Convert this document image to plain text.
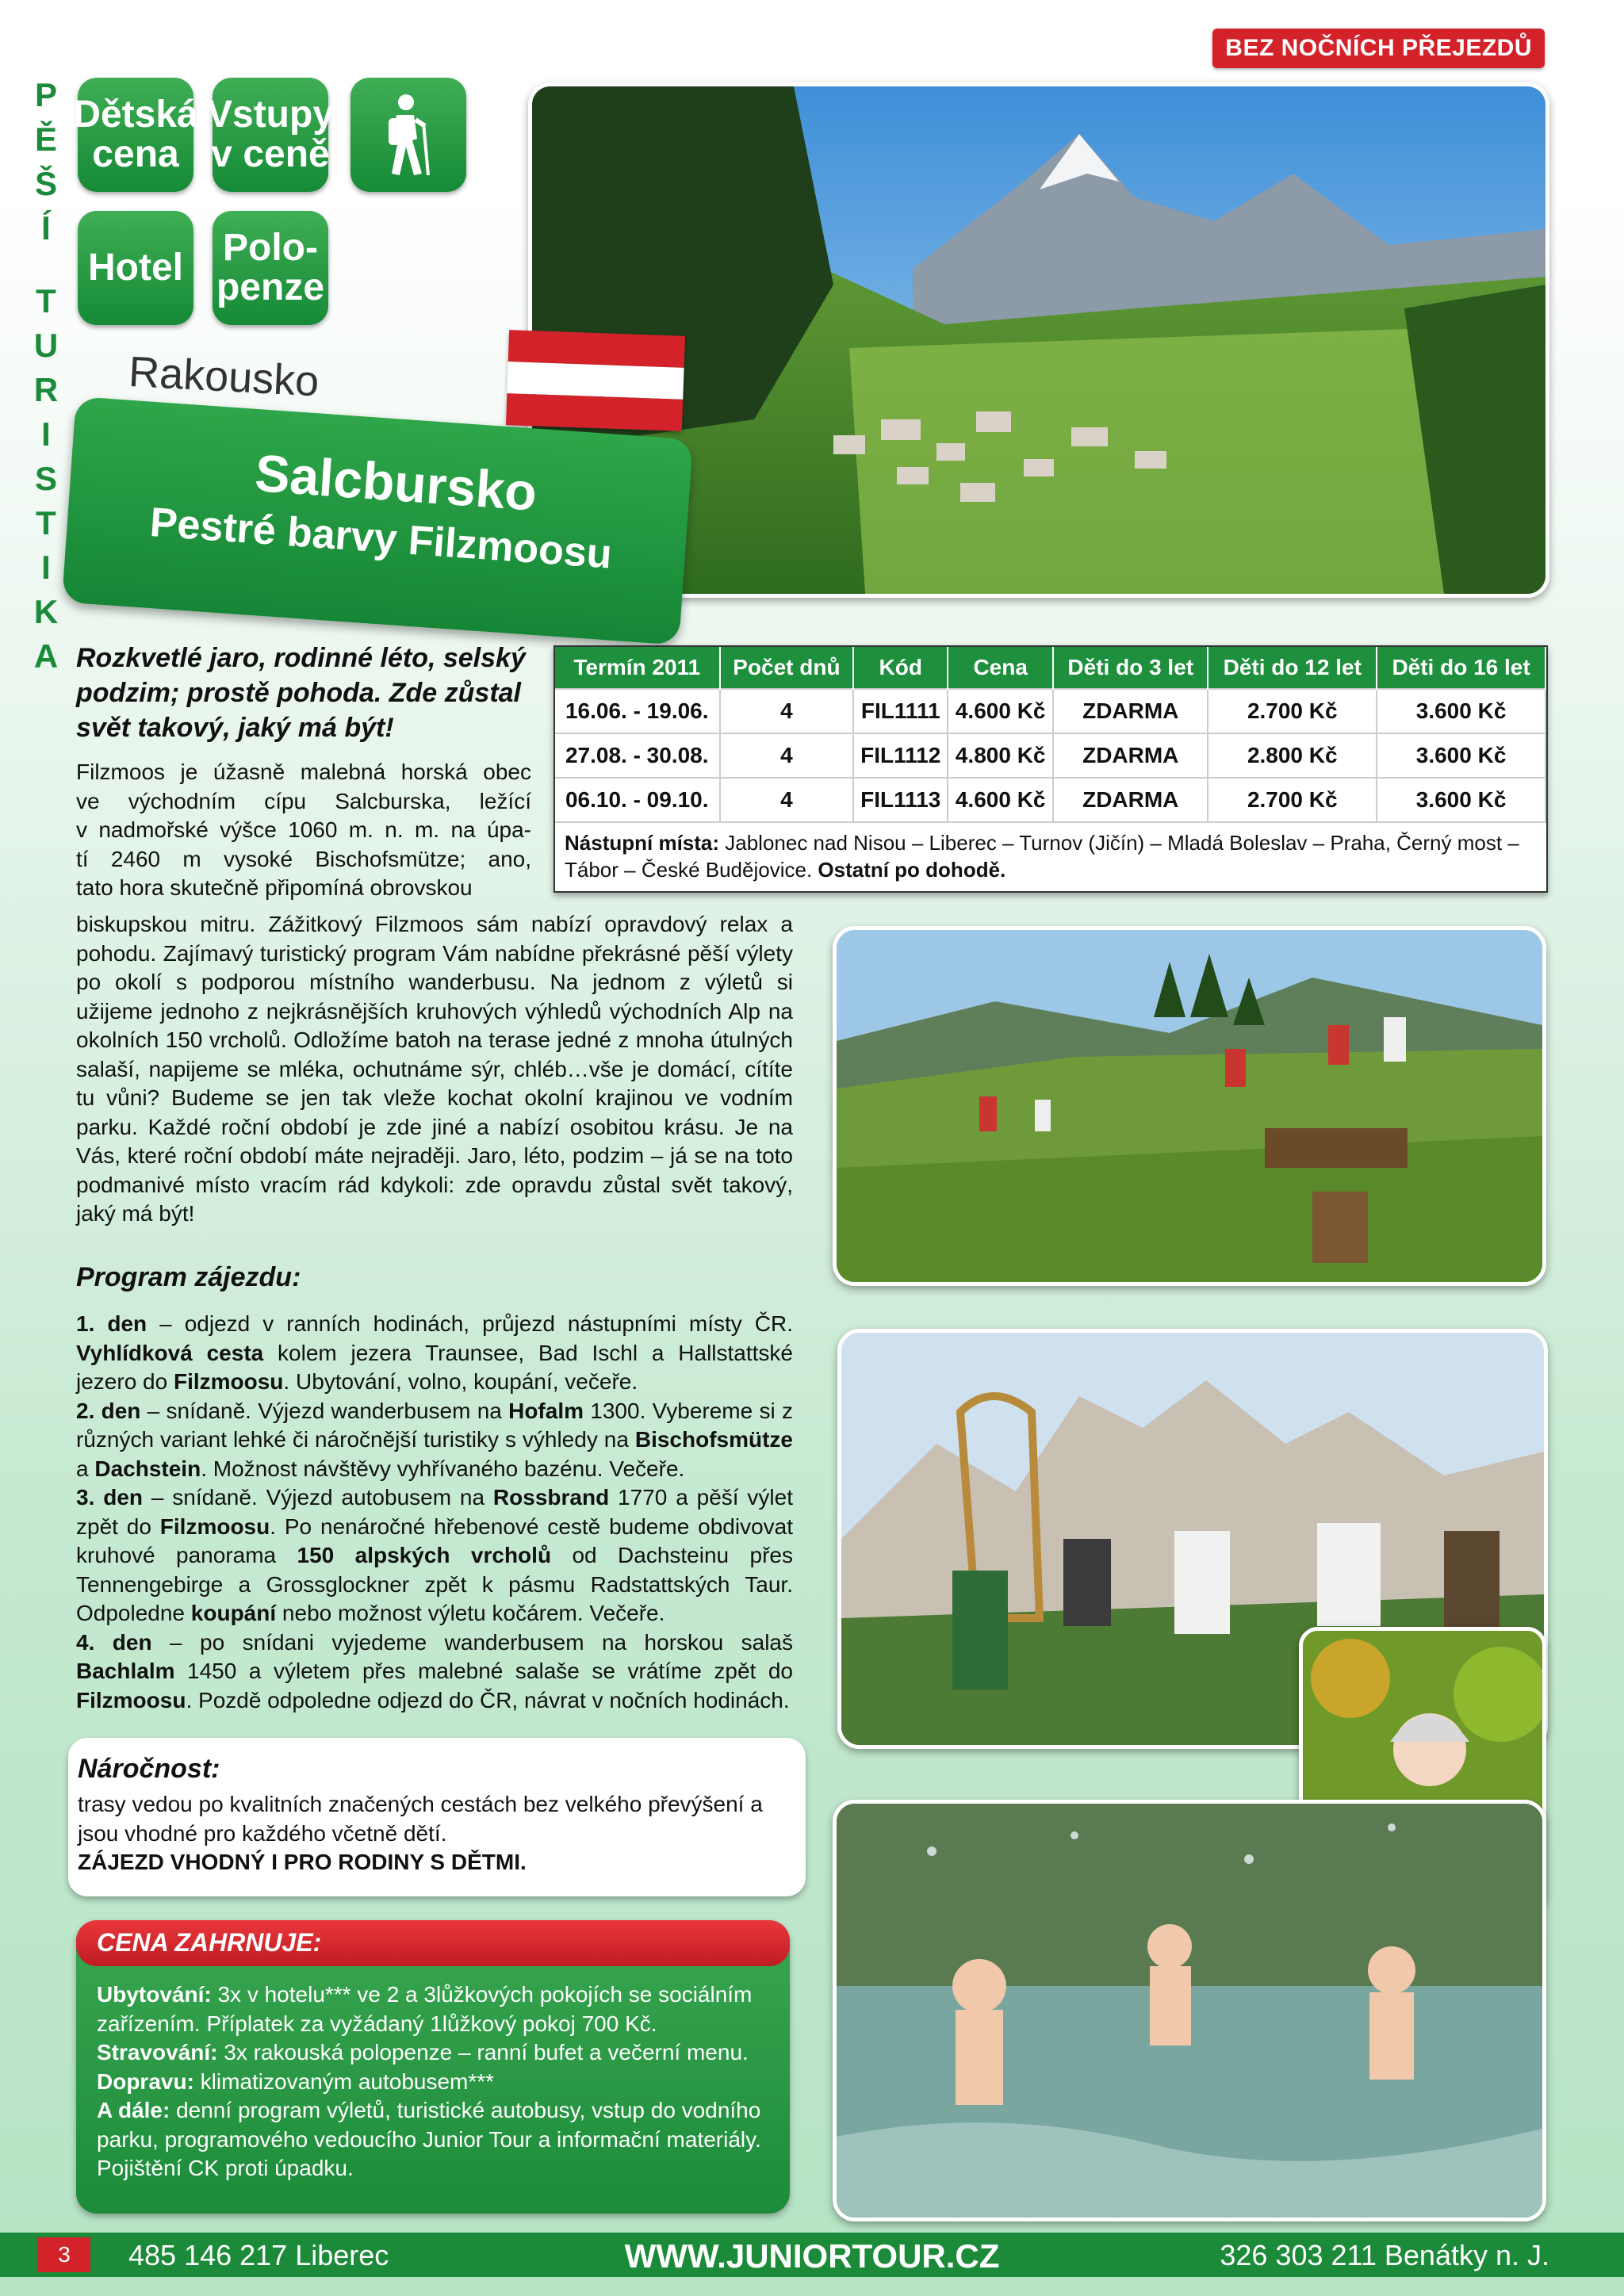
BEZ NOČNÍCH PŘEJEZDŮ
P
Ě
Š
Í
T
U
R
I
S
T
I
K
A
Dětská
cena
Vstupy
v ceně
Hotel Polo-
penze
Rakousko
Salcbursko
Pestré barvy Filzmoosu
Rozkvetlé jaro, rodinné léto, selský podzim; prostě pohoda. Zde zůstal svět takový, jaký má být!
Filzmoos je úžasně malebná horská obec
ve východním cípu Salcburska, ležící
v nadmořské výšce 1060 m. n. m. na úpa-
tí 2460 m vysoké Bischofsmütze; ano,
tato hora skutečně připomíná obrovskou
biskupskou mitru. Zážitkový Filzmoos sám nabízí opravdový relax a pohodu. Zajímavý turistický program Vám nabídne překrásné pěší výlety po okolí s podporou místního wanderbusu. Na jednom z výletů si užijeme jednoho z nejkrásnějších kruhových výhledů východních Alp na okolních 150 vrcholů. Odložíme batoh na terase jedné z mnoha útulných salaší, napijeme se mléka, ochutnáme sýr, chléb…vše je domácí, cítíte tu vůni? Budeme se jen tak vleže kochat okolní krajinou ve vodním parku. Každé roční období je zde jiné a nabízí osobitou krásu. Je na Vás, které roční období máte nejraději. Jaro, léto, podzim – já se na toto podmanivé místo vracím rád kdykoli: zde opravdu zůstal svět takový, jaký má být!
Termín 2011	Počet dnů	Kód	Cena	Děti do 3 let	Děti do 12 let	Děti do 16 let
16.06. - 19.06.	4	FIL1111	4.600 Kč	ZDARMA	2.700 Kč	3.600 Kč
27.08. - 30.08.	4	FIL1112	4.800 Kč	ZDARMA	2.800 Kč	3.600 Kč
06.10. - 09.10.	4	FIL1113	4.600 Kč	ZDARMA	2.700 Kč	3.600 Kč
Nástupní místa: Jablonec nad Nisou – Liberec – Turnov (Jičín) – Mladá Boleslav – Praha, Černý most – Tábor – České Budějovice. Ostatní po dohodě.
Program zájezdu:
1. den – odjezd v ranních hodinách, průjezd nástupními místy ČR. Vyhlídková cesta kolem jezera Traunsee, Bad Ischl a Hallstattské jezero do Filzmoosu. Ubytování, volno, koupání, večeře.
2. den – snídaně. Výjezd wanderbusem na Hofalm 1300. Vybereme si z různých variant lehké či náročnější turistiky s výhledy na Bischofsmütze a Dachstein. Možnost návštěvy vyhřívaného bazénu. Večeře.
3. den – snídaně. Výjezd autobusem na Rossbrand 1770 a pěší výlet zpět do Filzmoosu. Po nenáročné hřebenové cestě budeme obdivovat kruhové panorama 150 alpských vrcholů od Dachsteinu přes Tennengebirge a Grossglockner zpět k pásmu Radstattských Taur. Odpoledne koupání nebo možnost výletu kočárem. Večeře.
4. den – po snídani vyjedeme wanderbusem na horskou salaš Bachlalm 1450 a výletem přes malebné salaše se vrátíme zpět do Filzmoosu. Pozdě odpoledne odjezd do ČR, návrat v nočních hodinách.
Náročnost:
trasy vedou po kvalitních značených cestách bez velkého převýšení a jsou vhodné pro každého včetně dětí.
ZÁJEZD VHODNÝ I PRO RODINY S DĚTMI.
CENA ZAHRNUJE:
Ubytování: 3x v hotelu*** ve 2 a 3lůžkových pokojích se sociálním zařízením. Příplatek za vyžádaný 1lůžkový pokoj 700 Kč.
Stravování: 3x rakouská polopenze – ranní bufet a večerní menu.
Dopravu: klimatizovaným autobusem***
A dále: denní program výletů, turistické autobusy, vstup do vodního parku, programového vedoucího Junior Tour a informační materiály. Pojištění CK proti úpadku.
3	485 146 217 Liberec	WWW.JUNIORTOUR.CZ	326 303 211 Benátky n. J.
